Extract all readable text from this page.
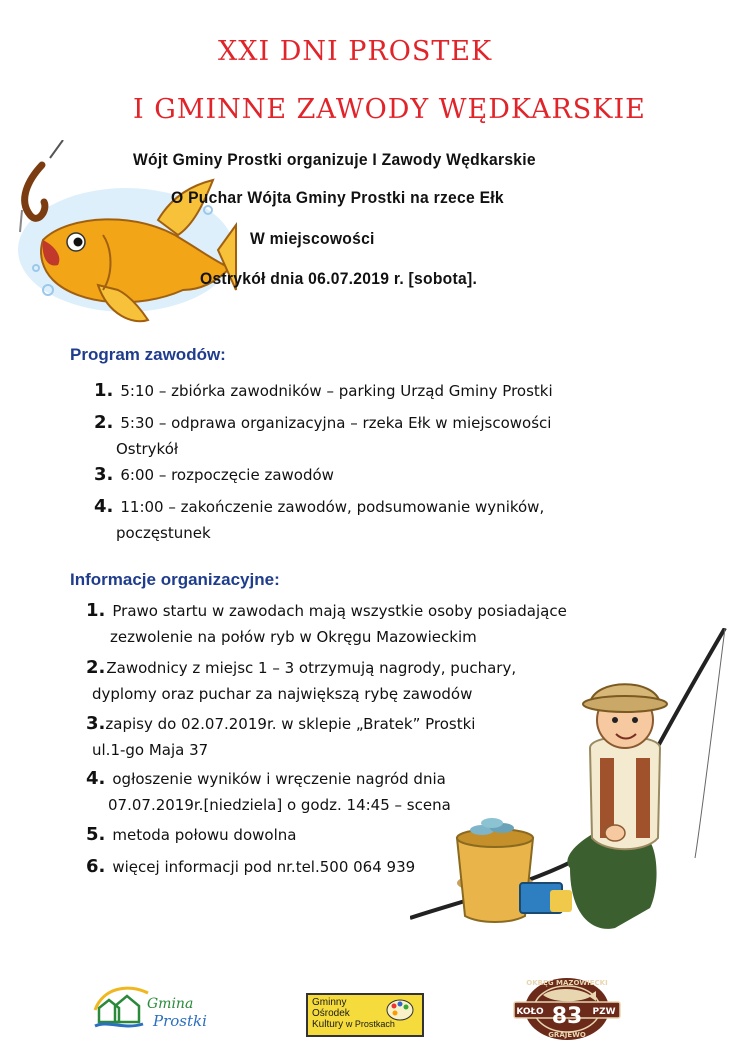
XXI DNI PROSTEK
I GMINNE ZAWODY WĘDKARSKIE
Wójt Gminy Prostki organizuje I Zawody Wędkarskie
O Puchar Wójta Gminy Prostki na rzece Ełk
W miejscowości
Ostrykół dnia 06.07.2019 r. [sobota].
Program zawodów:
1. 5:10 – zbiórka zawodników – parking Urząd Gminy Prostki
2. 5:30 – odprawa organizacyjna – rzeka Ełk w miejscowości
Ostrykół
3. 6:00 – rozpoczęcie zawodów
4. 11:00 – zakończenie zawodów, podsumowanie wyników,
poczęstunek
Informacje organizacyjne:
1. Prawo startu w zawodach mają wszystkie osoby posiadające
zezwolenie na połów ryb w Okręgu Mazowieckim
2.Zawodnicy z miejsc 1 – 3 otrzymują nagrody, puchary,
dyplomy oraz puchar za największą rybę zawodów
3.zapisy do 02.07.2019r. w sklepie „Bratek” Prostki
ul.1-go Maja 37
4. ogłoszenie wyników i wręczenie nagród dnia
07.07.2019r.[niedziela] o godz. 14:45 – scena
5. metoda połowu dowolna
6. więcej informacji pod nr.tel.500 064 939
Gmina
Prostki
Gminny
Ośrodek
Kultury w Prostkach
OKRĘG MAZOWIECKI
KOŁO 83 PZW
GRAJEWO
